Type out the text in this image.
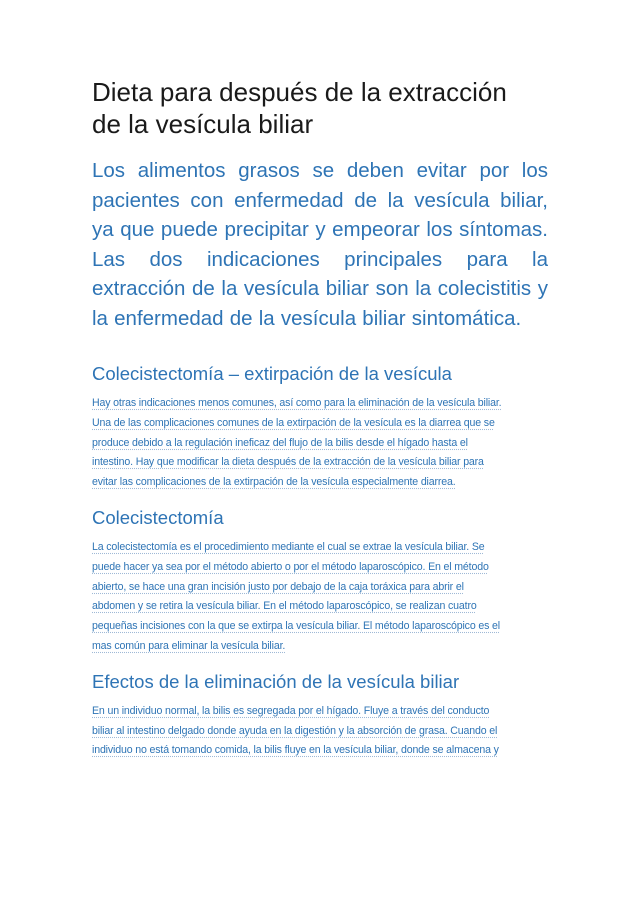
Dieta para después de la extracción
de la vesícula biliar

Los alimentos grasos se deben evitar por los pacientes con enfermedad de la vesícula biliar, ya que puede precipitar y empeorar los síntomas. Las dos indicaciones principales para la extracción de la vesícula biliar son la colecistitis y la enfermedad de la vesícula biliar sintomática.

Colecistectomía – extirpación de la vesícula

Hay otras indicaciones menos comunes, así como para la eliminación de la vesícula biliar.
Una de las complicaciones comunes de la extirpación de la vesícula es la diarrea que se
produce debido a la regulación ineficaz del flujo de la bilis desde el hígado hasta el
intestino. Hay que modificar la dieta después de la extracción de la vesícula biliar para
evitar las complicaciones de la extirpación de la vesícula especialmente diarrea.

Colecistectomía

La colecistectomía es el procedimiento mediante el cual se extrae la vesícula biliar. Se
puede hacer ya sea por el método abierto o por el método laparoscópico. En el método
abierto, se hace una gran incisión justo por debajo de la caja toráxica para abrir el
abdomen y se retira la vesícula biliar. En el método laparoscópico, se realizan cuatro
pequeñas incisiones con la que se extirpa la vesícula biliar. El método laparoscópico es el
mas común para eliminar la vesícula biliar.

Efectos de la eliminación de la vesícula biliar

En un individuo normal, la bilis es segregada por el hígado. Fluye a través del conducto
biliar al intestino delgado donde ayuda en la digestión y la absorción de grasa. Cuando el
individuo no está tomando comida, la bilis fluye en la vesícula biliar, donde se almacena y
